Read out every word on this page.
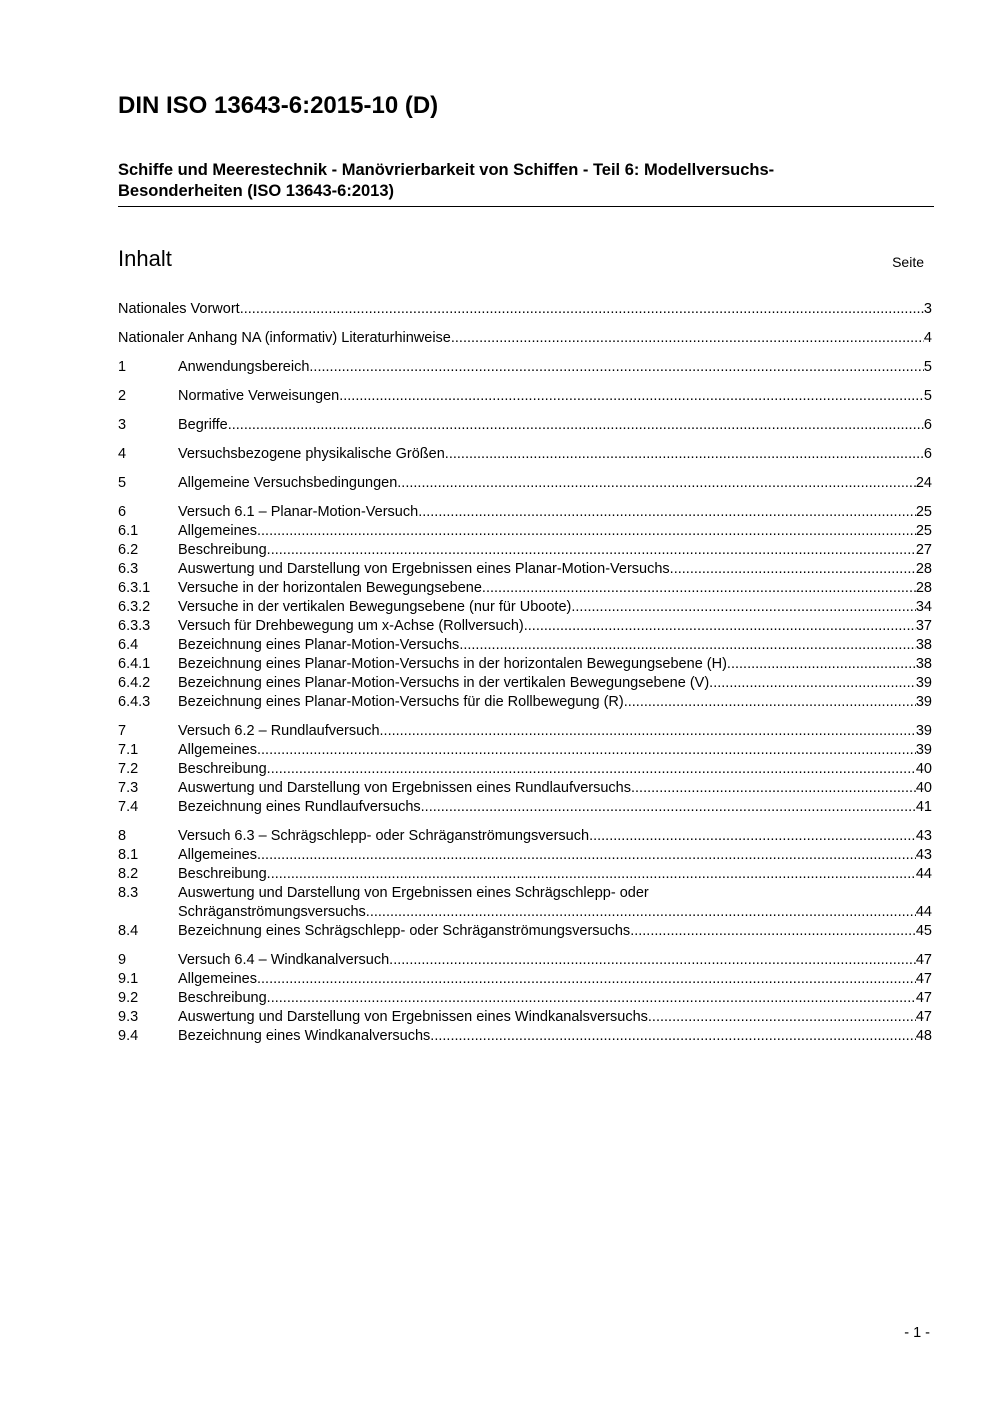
DIN ISO 13643-6:2015-10 (D)
Schiffe und Meerestechnik - Manövrierbarkeit von Schiffen - Teil 6: Modellversuchs-
Besonderheiten (ISO 13643-6:2013)
Inhalt	Seite
Nationales Vorwort .....	3
Nationaler Anhang NA (informativ) Literaturhinweise .....	4
1	Anwendungsbereich .....	5
2	Normative Verweisungen .....	5
3	Begriffe .....	6
4	Versuchsbezogene physikalische Größen .....	6
5	Allgemeine Versuchsbedingungen .....	24
6	Versuch 6.1 – Planar-Motion-Versuch .....	25
6.1	Allgemeines .....	25
6.2	Beschreibung .....	27
6.3	Auswertung und Darstellung von Ergebnissen eines Planar-Motion-Versuchs .....	28
6.3.1	Versuche in der horizontalen Bewegungsebene .....	28
6.3.2	Versuche in der vertikalen Bewegungsebene (nur für Uboote) .....	34
6.3.3	Versuch für Drehbewegung um x-Achse (Rollversuch) .....	37
6.4	Bezeichnung eines Planar-Motion-Versuchs .....	38
6.4.1	Bezeichnung eines Planar-Motion-Versuchs in der horizontalen Bewegungsebene (H) .....	38
6.4.2	Bezeichnung eines Planar-Motion-Versuchs in der vertikalen Bewegungsebene (V) .....	39
6.4.3	Bezeichnung eines Planar-Motion-Versuchs für die Rollbewegung (R) .....	39
7	Versuch 6.2 – Rundlaufversuch .....	39
7.1	Allgemeines .....	39
7.2	Beschreibung .....	40
7.3	Auswertung und Darstellung von Ergebnissen eines Rundlaufversuchs .....	40
7.4	Bezeichnung eines Rundlaufversuchs .....	41
8	Versuch 6.3 – Schrägschlepp- oder Schräganströmungsversuch .....	43
8.1	Allgemeines .....	43
8.2	Beschreibung .....	44
8.3	Auswertung und Darstellung von Ergebnissen eines Schrägschlepp- oder
Schräganströmungsversuchs .....	44
8.4	Bezeichnung eines Schrägschlepp- oder Schräganströmungsversuchs .....	45
9	Versuch 6.4 – Windkanalversuch .....	47
9.1	Allgemeines .....	47
9.2	Beschreibung .....	47
9.3	Auswertung und Darstellung von Ergebnissen eines Windkanalsversuchs .....	47
9.4	Bezeichnung eines Windkanalversuchs .....	48
- 1 -
